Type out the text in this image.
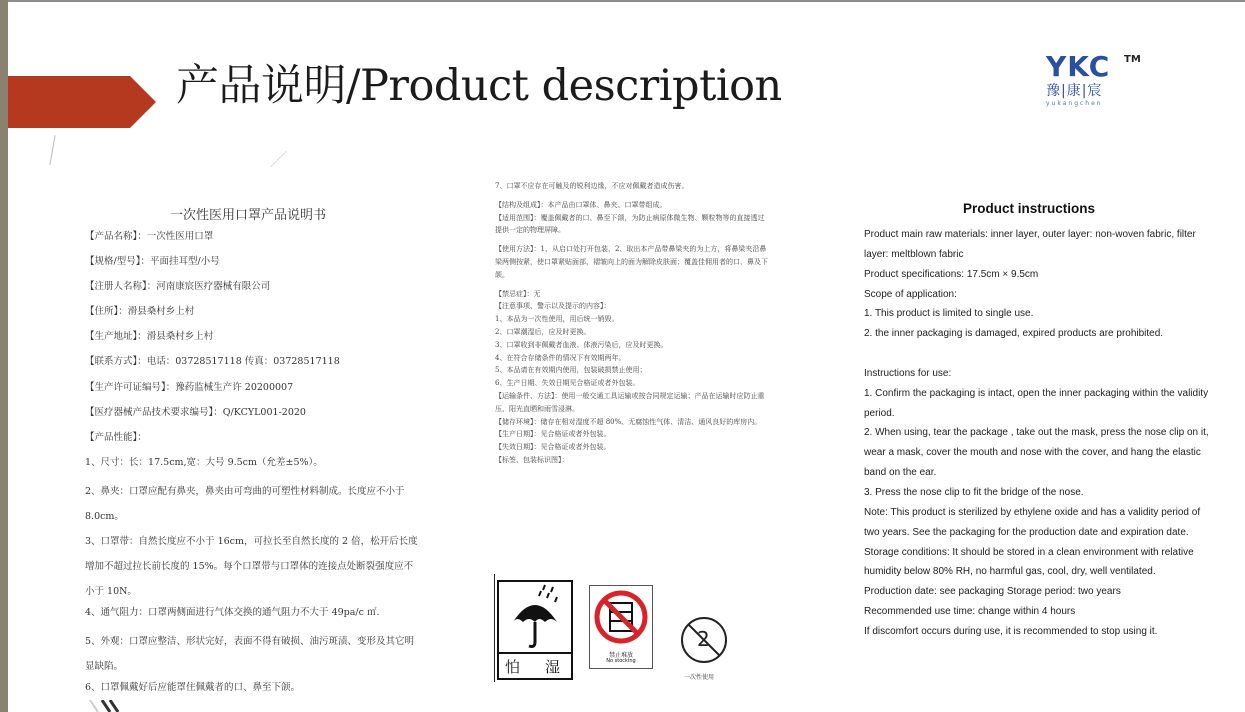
产品说明/Product description	YKC	TM
豫|康|宸
yukangchen
一次性医用口罩产品说明书
【产品名称】：一次性医用口罩
【规格/型号】：平面挂耳型/小号
【注册人名称】：河南康宸医疗器械有限公司
【住所】：滑县桑村乡上村
【生产地址】：滑县桑村乡上村
【联系方式】：电话：03728517118 传真：03728517118
【生产许可证编号】：豫药监械生产许 20200007
【医疗器械产品技术要求编号】：Q/KCYL001-2020
【产品性能】：
1、尺寸：长：17.5cm,宽：大号 9.5cm（允差±5%）。
2、鼻夹：口罩应配有鼻夹，鼻夹由可弯曲的可塑性材料制成。长度应不小于 8.0cm。
3、口罩带：自然长度应不小于 16cm，可拉长至自然长度的 2 倍，松开后长度增加不超过拉长前长度的 15%。每个口罩带与口罩体的连接点处断裂强度应不小于 10N。
4、通气阻力：口罩两侧面进行气体交换的通气阻力不大于 49pa/c ㎡.
5、外观：口罩应整洁、形状完好，表面不得有破损、油污斑渍、变形及其它明显缺陷。
6、口罩佩戴好后应能罩住佩戴者的口、鼻至下颌。
7、口罩不应存在可触及的锐利边缘，不应对佩戴者造成伤害。
【结构及组成】：本产品由口罩体、鼻夹、口罩带组成。
【适用范围】：覆盖佩戴者的口、鼻至下颌，为防止病原体微生物、颗粒物等的直接透过提供一定的物理屏障。
【使用方法】：1、从启口处打开包装，2、取出本产品带鼻梁夹的为上方，将鼻梁夹沿鼻梁两侧按紧，使口罩紧贴面部，褶皱向上的面为解除皮肤面；覆盖佳佣用者的口、鼻及下颌。
【禁忌症】：无
【注意事项、警示以及提示的内容】：
1、本品为一次性使用，用后统一销毁。
2、口罩潮湿后，应及时更换。
3、口罩收到非佩戴者血液、体液污染后，应及时更换。
4、在符合存储条件的情况下有效期两年。
5、本品请在有效期内使用，包装破损禁止使用；
6、生产日期、失效日期见合格证或者外包装。
【运输条件、方法】：使用一般交通工具运输或按合同规定运输；产品在运输时应防止重压、阳光直晒和雨雪浸淋。
【储存环境】：储存在相对湿度不超 80%、无腐蚀性气体、清洁、通风良好的库房内。
【生产日期】：见合格证或者外包装。
【失效日期】：见合格证或者外包装。
【标签、包装标识图】：
怕 湿
禁止堆放
No stocking
2
一次性使用
Product instructions
Product main raw materials: inner layer, outer layer: non-woven fabric, filter layer: meltblown fabric
Product specifications: 17.5cm × 9.5cm
Scope of application:
1. This product is limited to single use.
2. the inner packaging is damaged, expired products are prohibited.
Instructions for use:
1. Confirm the packaging is intact, open the inner packaging within the validity period.
2. When using, tear the package , take out the mask, press the nose clip on it, wear a mask, cover the mouth and nose with the cover, and hang the elastic band on the ear.
3. Press the nose clip to fit the bridge of the nose.
Note: This product is sterilized by ethylene oxide and has a validity period of two years. See the packaging for the production date and expiration date.
Storage conditions: It should be stored in a clean environment with relative humidity below 80% RH, no harmful gas, cool, dry, well ventilated.
Production date: see packaging Storage period: two years
Recommended use time: change within 4 hours
If discomfort occurs during use, it is recommended to stop using it.
